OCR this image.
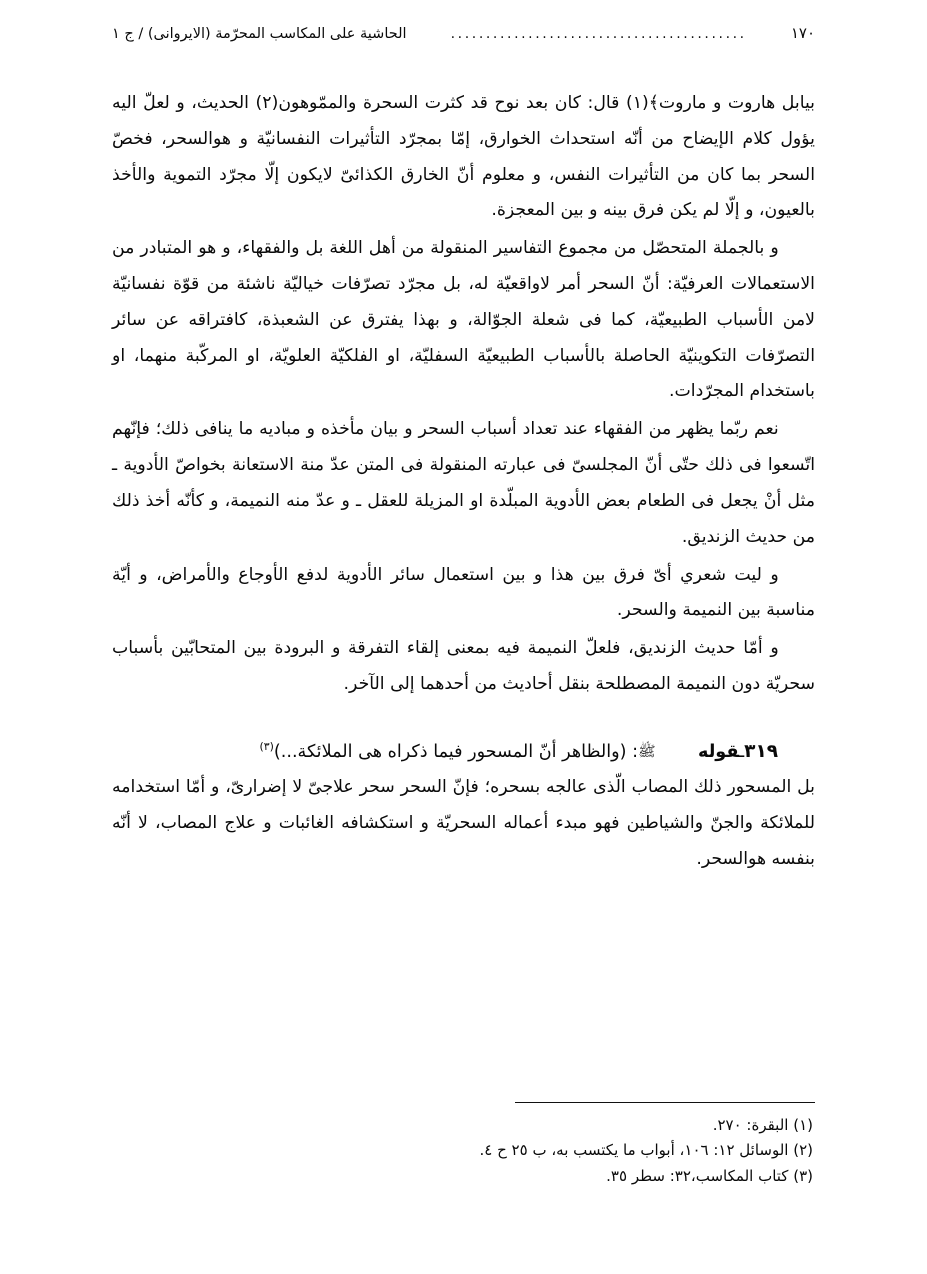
١٧٠
..........................................
الحاشية على المكاسب المحرّمة (الايروانى) / ج ١

بيابل هاروت و ماروت﴾(١) قال: كان بعد نوح قد كثرت السحرة والممّوهون(٢) الحديث، و لعلّ اليه يؤول كلام الإيضاح من أنّه استحداث الخوارق، إمّا بمجرّد التأثيرات النفسانيّة و هوالسحر، فخصّ السحر بما كان من التأثيرات النفس، و معلوم أنّ الخارق الكذائىّ لايكون إلّا مجرّد التموية والأخذ بالعيون، و إلّا لم يكن فرق بينه و بين المعجزة.

و بالجملة المتحصّل من مجموع التفاسير المنقولة من أهل اللغة بل والفقهاء، و هو المتبادر من الاستعمالات العرفيّة: أنّ السحر أمر لاواقعيّة له، بل مجرّد تصرّفات خياليّة ناشئة من قوّة نفسانيّة لامن الأسباب الطبيعيّة، كما فى شعلة الجوّالة، و بهذا يفترق عن الشعبذة، كافتراقه عن سائر التصرّفات التكوينيّة الحاصلة بالأسباب الطبيعيّة السفليّة، او الفلكيّة العلويّة، او المركّبة منهما، او باستخدام المجرّدات.

نعم ربّما يظهر من الفقهاء عند تعداد أسباب السحر و بيان مأخذه و مباديه ما ينافى ذلك؛ فإنّهم اتّسعوا فى ذلك حتّى أنّ المجلسىّ فى عبارته المنقولة فى المتن عدّ منة الاستعانة بخواصّ الأدوية ـ مثل أنْ يجعل فى الطعام بعض الأدوية المبلّدة او المزيلة للعقل ـ و عدّ منه النميمة، و كأنّه أخذ ذلك من حديث الزنديق.

و ليت شعري أىّ فرق بين هذا و بين استعمال سائر الأدوية لدفع الأوجاع والأمراض، و أيّة مناسبة بين النميمة والسحر.

و أمّا حديث الزنديق، فلعلّ النميمة فيه بمعنى إلقاء التفرقة و البرودة بين المتحابّين بأسباب سحريّة دون النميمة المصطلحة بنقل أحاديث من أحدهما إلى الآخر.

٣١٩ـقوله ﷺ: (والظاهر أنّ المسحور فيما ذكراه هى الملائكة...)$^{(٣)}$

بل المسحور ذلك المصاب الّذى عالجه بسحره؛ فإنّ السحر سحر علاجىّ لا إضرارىّ، و أمّا استخدامه للملائكة والجنّ والشياطين فهو مبدء أعماله السحريّة و استكشافه الغائبات و علاج المصاب، لا أنّه بنفسه هوالسحر.

(١) البقرة: ٢٧٠.

(٢) الوسائل ١٢: ١٠٦، أبواب ما يكتسب به، ب ٢٥ ح ٤.

(٣) كتاب المكاسب،٣٢: سطر ٣٥.
